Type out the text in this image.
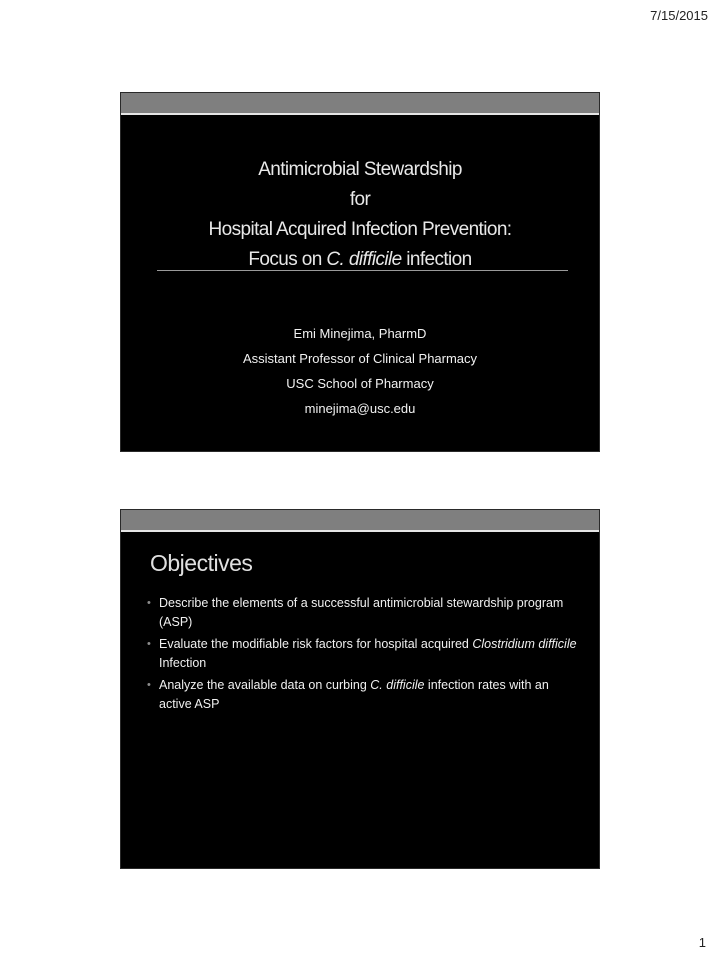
7/15/2015
Antimicrobial Stewardship
for
Hospital Acquired Infection Prevention:
Focus on C. difficile infection
Emi Minejima, PharmD
Assistant Professor of Clinical Pharmacy
USC School of Pharmacy
minejima@usc.edu
Objectives
• Describe the elements of a successful antimicrobial stewardship program (ASP)
• Evaluate the modifiable risk factors for hospital acquired Clostridium difficile Infection
• Analyze the available data on curbing C. difficile infection rates with an active ASP
1
